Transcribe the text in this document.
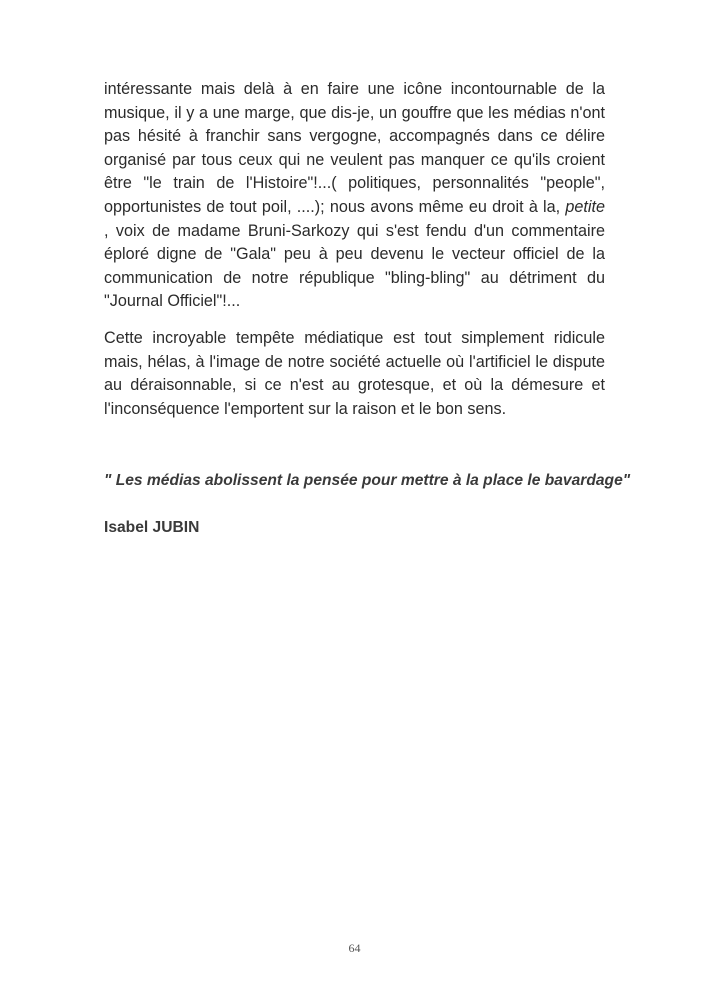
intéressante mais delà à en faire une icône incontournable de la musique, il y a une marge, que dis-je, un gouffre que les médias n'ont pas hésité à franchir sans vergogne, accompagnés dans ce délire organisé par tous ceux qui ne veulent pas manquer ce qu'ils croient être "le train de l'Histoire"!...( politiques, personnalités "people", opportunistes de tout poil, ....); nous avons même eu droit à la, petite , voix de madame Bruni-Sarkozy qui s'est fendu d'un commentaire éploré digne de "Gala" peu à peu devenu le vecteur officiel de la communication de notre république "bling-bling" au détriment du "Journal Officiel"!...

Cette incroyable tempête médiatique est tout simplement ridicule mais, hélas, à l'image de notre société actuelle où l'artificiel le dispute au déraisonnable, si ce n'est au grotesque, et où la démesure et l'inconséquence l'emportent sur la raison et le bon sens.

" Les médias abolissent la pensée pour mettre à la place le bavardage"
Isabel JUBIN
64
